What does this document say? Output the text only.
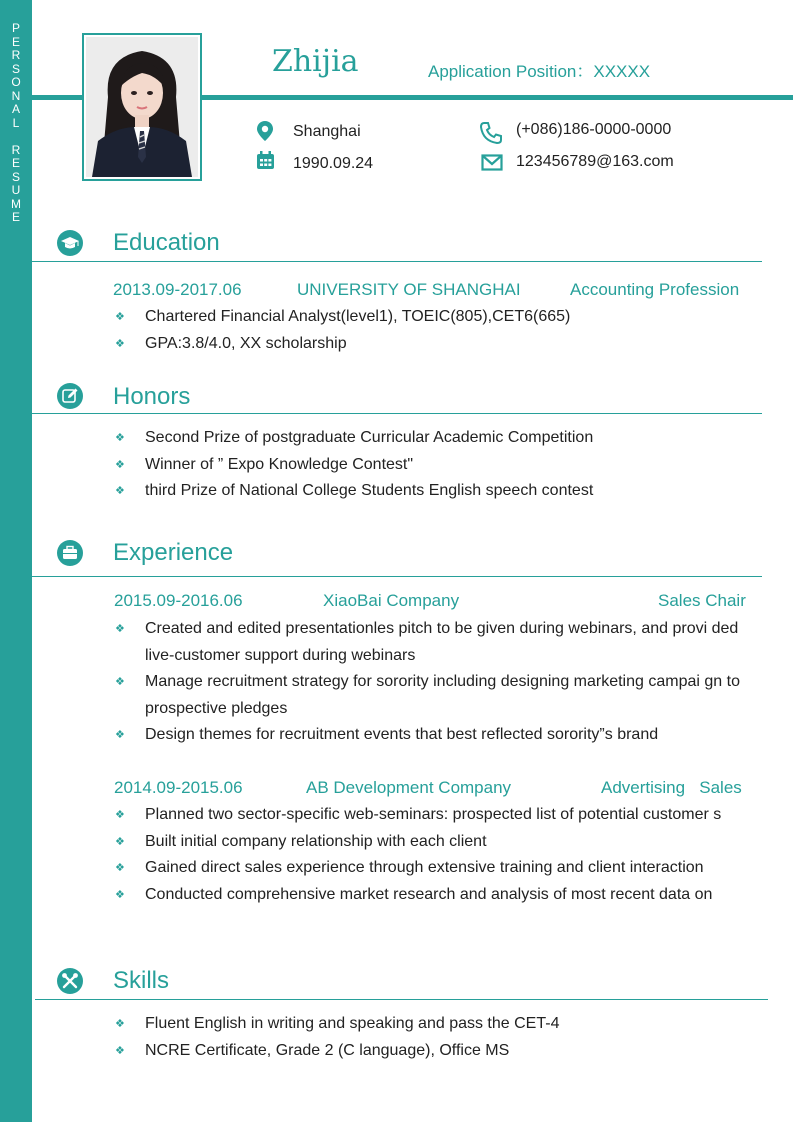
P
E
R
S
O
N
A
L
R
E
S
U
M
E
Zhijia	Application Position：XXXXX
Shanghai
1990.09.24
(+086)186-0000-0000
123456789@163.com
Education
2013.09-2017.06	UNIVERSITY OF SHANGHAI	Accounting Profession
❖ Chartered Financial Analyst(level1), TOEIC(805),CET6(665)
❖ GPA:3.8/4.0, XX scholarship
Honors
❖ Second Prize of postgraduate Curricular Academic Competition
❖ Winner of ” Expo Knowledge Contest"
❖ third Prize of National College Students English speech contest
Experience
2015.09-2016.06	XiaoBai Company	Sales Chair
❖ Created and edited presentationles pitch to be given during webinars, and provi ded live-customer support during webinars
❖ Manage recruitment strategy for sorority including designing marketing campai gn to prospective pledges
❖ Design themes for recruitment events that best reflected sorority”s brand
2014.09-2015.06	AB Development Company	Advertising   Sales
❖ Planned two sector-specific web-seminars: prospected list of potential customer s
❖ Built initial company relationship with each client
❖ Gained direct sales experience through extensive training and client interaction
❖ Conducted comprehensive market research and analysis of most recent data on
Skills
❖ Fluent English in writing and speaking and pass the CET-4
❖ NCRE Certificate, Grade 2 (C language), Office MS
